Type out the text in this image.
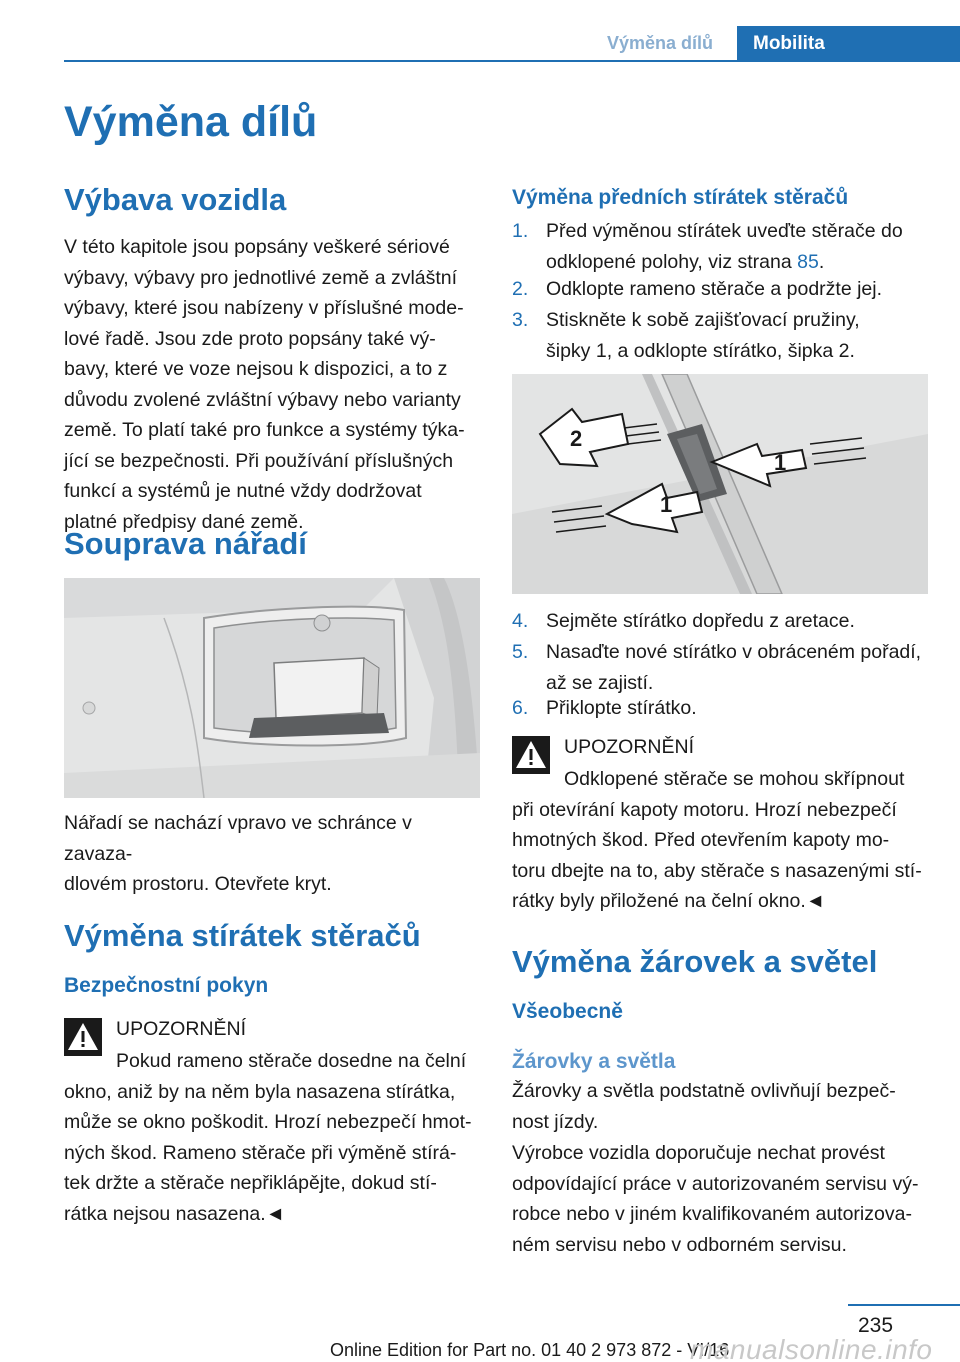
Výměna dílů	Mobilita
Výměna dílů
Výbava vozidla
V této kapitole jsou popsány veškeré sériové
výbavy, výbavy pro jednotlivé země a zvláštní
výbavy, které jsou nabízeny v příslušné mode-
lové řadě. Jsou zde proto popsány také vý-
bavy, které ve voze nejsou k dispozici, a to z
důvodu zvolené zvláštní výbavy nebo varianty
země. To platí také pro funkce a systémy týka-
jící se bezpečnosti. Při používání příslušných
funkcí a systémů je nutné vždy dodržovat
platné předpisy dané země.
Souprava nářadí
Nářadí se nachází vpravo ve schránce v zavaza-
dlovém prostoru. Otevřete kryt.
Výměna stírátek stěračů
Bezpečnostní pokyn
UPOZORNĚNÍ
Pokud rameno stěrače dosedne na čelní
okno, aniž by na něm byla nasazena stírátka,
může se okno poškodit. Hrozí nebezpečí hmot-
ných škod. Rameno stěrače při výměně stírá-
tek držte a stěrače nepřiklápějte, dokud stí-
rátka nejsou nasazena.◄
Výměna předních stírátek stěračů
1. Před výměnou stírátek uveďte stěrače do
odklopené polohy, viz strana 85.
2. Odklopte rameno stěrače a podržte jej.
3. Stiskněte k sobě zajišťovací pružiny,
šipky 1, a odklopte stírátko, šipka 2.
2
1
1
4. Sejměte stírátko dopředu z aretace.
5. Nasaďte nové stírátko v obráceném pořadí,
až se zajistí.
6. Přiklopte stírátko.
UPOZORNĚNÍ
Odklopené stěrače se mohou skřípnout
při otevírání kapoty motoru. Hrozí nebezpečí
hmotných škod. Před otevřením kapoty mo-
toru dbejte na to, aby stěrače s nasazenými stí-
rátky byly přiložené na čelní okno.◄
Výměna žárovek a světel
Všeobecně
Žárovky a světla
Žárovky a světla podstatně ovlivňují bezpeč-
nost jízdy.
Výrobce vozidla doporučuje nechat provést
odpovídající práce v autorizovaném servisu vý-
robce nebo v jiném kvalifikovaném autorizova-
ném servisu nebo v odborném servisu.
235
Online Edition for Part no. 01 40 2 973 872 - VI/16
manualsonline.info
